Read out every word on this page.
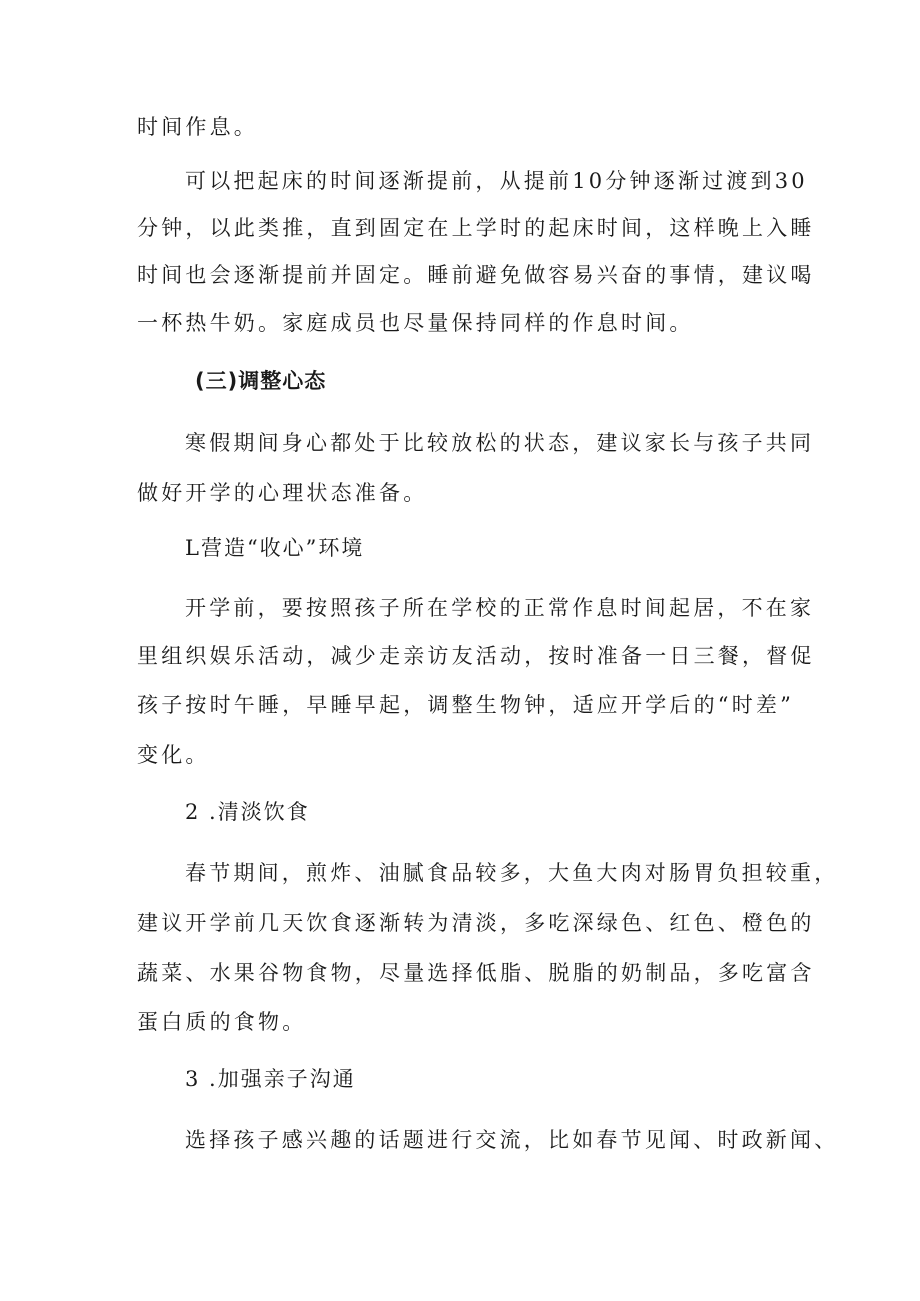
时间作息。
可以把起床的时间逐渐提前，从提前10分钟逐渐过渡到30
分钟，以此类推，直到固定在上学时的起床时间，这样晚上入睡
时间也会逐渐提前并固定。睡前避免做容易兴奋的事情，建议喝
一杯热牛奶。家庭成员也尽量保持同样的作息时间。
(三)调整心态
寒假期间身心都处于比较放松的状态，建议家长与孩子共同
做好开学的心理状态准备。
L营造“收心”环境
开学前，要按照孩子所在学校的正常作息时间起居，不在家
里组织娱乐活动，减少走亲访友活动，按时准备一日三餐，督促
孩子按时午睡，早睡早起，调整生物钟，适应开学后的“时差”
变化。
2 .清淡饮食
春节期间，煎炸、油腻食品较多，大鱼大肉对肠胃负担较重，
建议开学前几天饮食逐渐转为清淡，多吃深绿色、红色、橙色的
蔬菜、水果谷物食物，尽量选择低脂、脱脂的奶制品，多吃富含
蛋白质的食物。
3 .加强亲子沟通
选择孩子感兴趣的话题进行交流，比如春节见闻、时政新闻、
